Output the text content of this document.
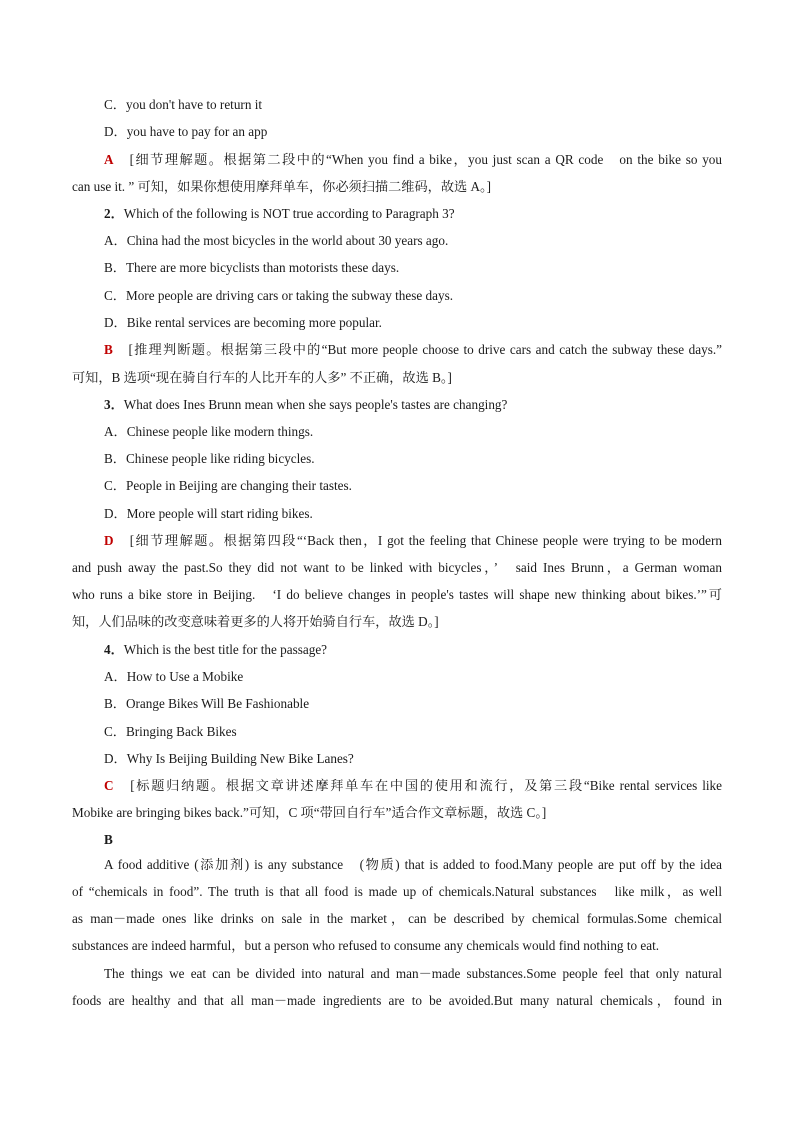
C．you don't have to return it
D．you have to pay for an app
A　 [细节理解题。根据第二段中的“When you find a bike，you just scan a QR code　on the bike so you
can use it. ” 可知，如果你想使用摩拜单车，你必须扫描二维码，故选 A。]
2．Which of the following is NOT true according to Paragraph 3?
A．China had the most bicycles in the world about 30 years ago.
B．There are more bicyclists than motorists these days.
C．More people are driving cars or taking the subway these days.
D．Bike rental services are becoming more popular.
B　 [推理判断题。根据第三段中的“But more people choose to drive cars and catch the subway these days.”
可知，B 选项“现在骑自行车的人比开车的人多” 不正确，故选 B。]
3．What does Ines Brunn mean when she says people's tastes are changing?
A．Chinese people like modern things.
B．Chinese people like riding bicycles.
C．People in Beijing are changing their tastes.
D．More people will start riding bikes.
D　 [细节理解题。根据第四段“‘Back then，I got the feeling that Chinese people were trying to be modern
and push away the past.So they did not want to be linked with bicycles，’　said Ines Brunn，a German woman
who runs a bike store in Beijing.　‘I do believe changes in people's tastes will shape new thinking about bikes.’”可
知，人们品味的改变意味着更多的人将开始骑自行车，故选 D。]
4．Which is the best title for the passage?
A．How to Use a Mobike
B．Orange Bikes Will Be Fashionable
C．Bringing Back Bikes
D．Why Is Beijing Building New Bike Lanes?
C　 [标题归纳题。根据文章讲述摩拜单车在中国的使用和流行，及第三段“Bike rental services like
Mobike are bringing bikes back.”可知，C 项“带回自行车”适合作文章标题，故选 C。]
B
A food additive (添加剂) is any substance　(物质) that is added to food.Many people are put off by the idea
of “chemicals in food”. The truth is that all food is made up of chemicals.Natural substances　like milk，as well
as man－made ones like drinks on sale in the market，can be described by chemical formulas.Some chemical
substances are indeed harmful，but a person who refused to consume any chemicals would find nothing to eat.
The things we eat can be divided into natural and man－made substances.Some people feel that only natural
foods are healthy and that all man－made ingredients are to be avoided.But many natural chemicals，found in
